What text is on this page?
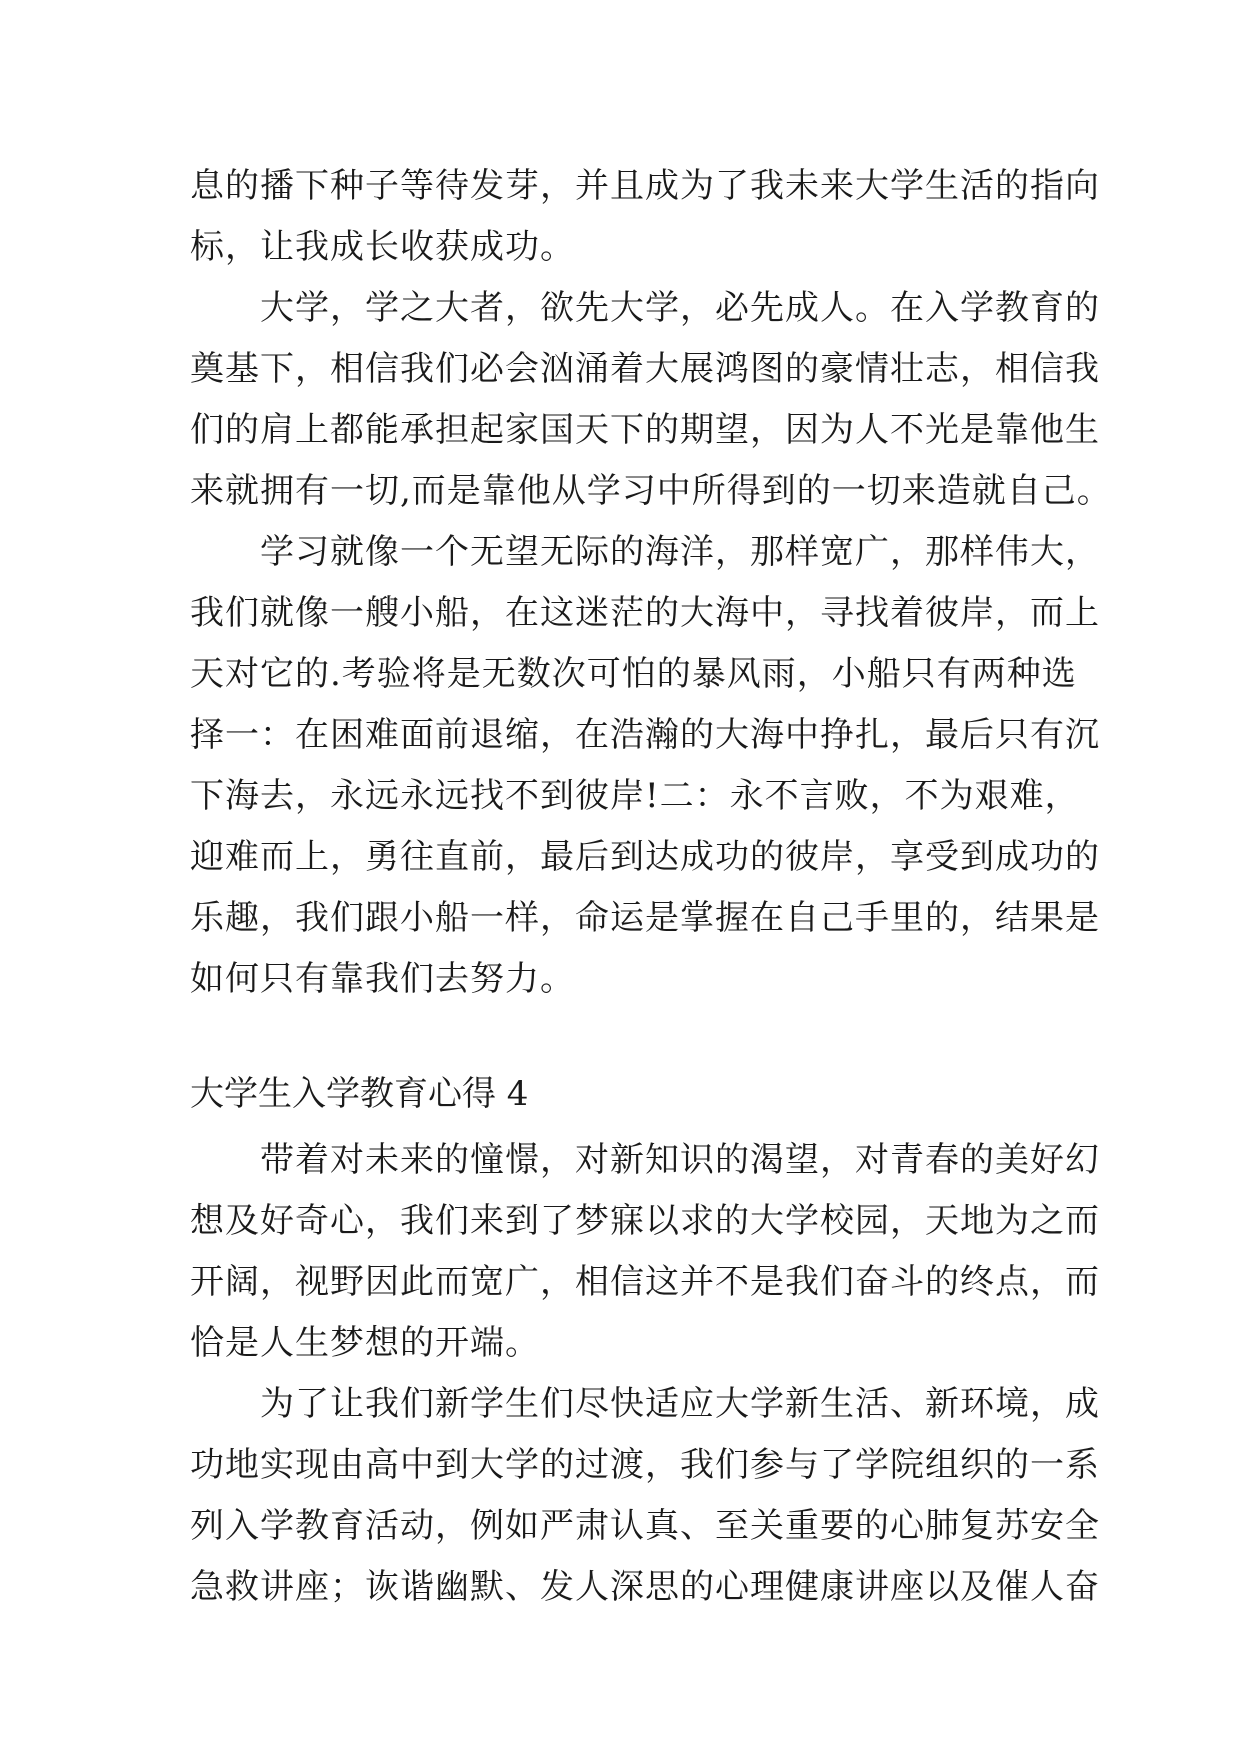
息的播下种子等待发芽，并且成为了我未来大学生活的指向
标，让我成长收获成功。
大学，学之大者，欲先大学，必先成人。在入学教育的
奠基下，相信我们必会汹涌着大展鸿图的豪情壮志，相信我
们的肩上都能承担起家国天下的期望，因为人不光是靠他生
来就拥有一切,而是靠他从学习中所得到的一切来造就自己。
学习就像一个无望无际的海洋，那样宽广，那样伟大，
我们就像一艘小船，在这迷茫的大海中，寻找着彼岸，而上
天对它的.考验将是无数次可怕的暴风雨，小船只有两种选
择一：在困难面前退缩，在浩瀚的大海中挣扎，最后只有沉
下海去，永远永远找不到彼岸!二：永不言败，不为艰难，
迎难而上，勇往直前，最后到达成功的彼岸，享受到成功的
乐趣，我们跟小船一样，命运是掌握在自己手里的，结果是
如何只有靠我们去努力。
大学生入学教育心得 4
带着对未来的憧憬，对新知识的渴望，对青春的美好幻
想及好奇心，我们来到了梦寐以求的大学校园，天地为之而
开阔，视野因此而宽广，相信这并不是我们奋斗的终点，而
恰是人生梦想的开端。
为了让我们新学生们尽快适应大学新生活、新环境，成
功地实现由高中到大学的过渡，我们参与了学院组织的一系
列入学教育活动，例如严肃认真、至关重要的心肺复苏安全
急救讲座；诙谐幽默、发人深思的心理健康讲座以及催人奋
